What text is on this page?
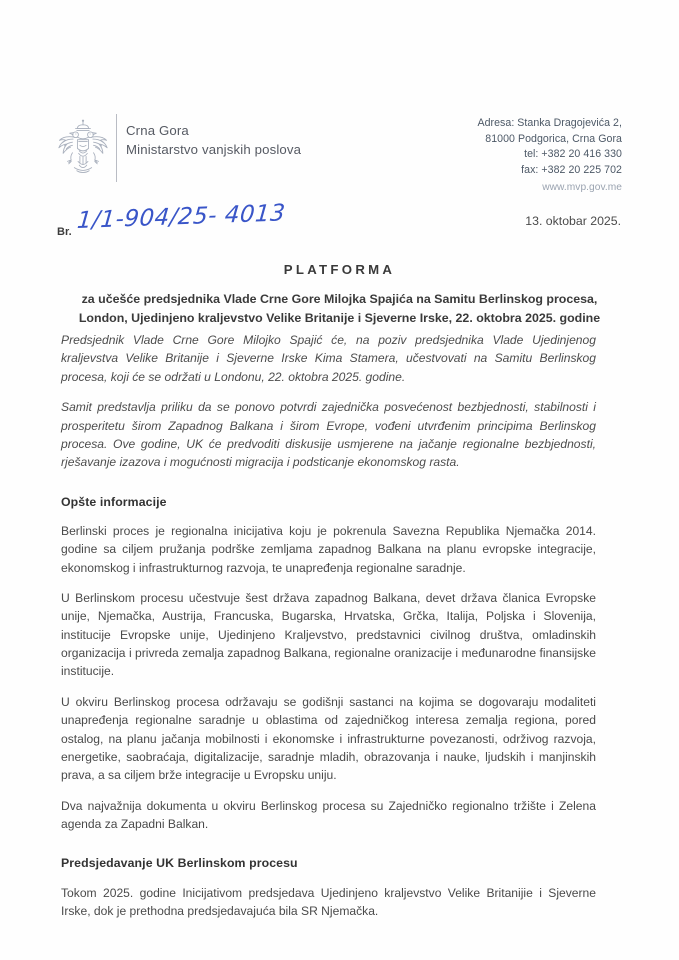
Crna Gora
Ministarstvo vanjskih poslova
Adresa: Stanka Dragojevića 2,
81000 Podgorica, Crna Gora
tel: +382 20 416 330
fax: +382 20 225 702
www.mvp.gov.me
Br. 1/1-904/25- 4013	13. oktobar 2025.
PLATFORMA

za učešće predsjednika Vlade Crne Gore Milojka Spajića na Samitu Berlinskog procesa,
London, Ujedinjeno kraljevstvo Velike Britanije i Sjeverne Irske, 22. oktobra 2025. godine

Predsjednik Vlade Crne Gore Milojko Spajić će, na poziv predsjednika Vlade Ujedinjenog kraljevstva Velike Britanije i Sjeverne Irske Kima Stamera, učestvovati na Samitu Berlinskog procesa, koji će se održati u Londonu, 22. oktobra 2025. godine.

Samit predstavlja priliku da se ponovo potvrdi zajednička posvećenost bezbjednosti, stabilnosti i prosperitetu širom Zapadnog Balkana i širom Evrope, vođeni utvrđenim principima Berlinskog procesa. Ove godine, UK će predvoditi diskusije usmjerene na jačanje regionalne bezbjednosti, rješavanje izazova i mogućnosti migracija i podsticanje ekonomskog rasta.

Opšte informacije

Berlinski proces je regionalna inicijativa koju je pokrenula Savezna Republika Njemačka 2014. godine sa ciljem pružanja podrške zemljama zapadnog Balkana na planu evropske integracije, ekonomskog i infrastrukturnog razvoja, te unapređenja regionalne saradnje.

U Berlinskom procesu učestvuje šest država zapadnog Balkana, devet država članica Evropske unije, Njemačka, Austrija, Francuska, Bugarska, Hrvatska, Grčka, Italija, Poljska i Slovenija, institucije Evropske unije, Ujedinjeno Kraljevstvo, predstavnici civilnog društva, omladinskih organizacija i privreda zemalja zapadnog Balkana, regionalne oranizacije i međunarodne finansijske institucije.

U okviru Berlinskog procesa održavaju se godišnji sastanci na kojima se dogovaraju modaliteti unapređenja regionalne saradnje u oblastima od zajedničkog interesa zemalja regiona, pored ostalog, na planu jačanja mobilnosti i ekonomske i infrastrukturne povezanosti, održivog razvoja, energetike, saobraćaja, digitalizacije, saradnje mladih, obrazovanja i nauke, ljudskih i manjinskih prava, a sa ciljem brže integracije u Evropsku uniju.

Dva najvažnija dokumenta u okviru Berlinskog procesa su Zajedničko regionalno tržište i Zelena agenda za Zapadni Balkan.

Predsjedavanje UK Berlinskom procesu

Tokom 2025. godine Inicijativom predsjedava Ujedinjeno kraljevstvo Velike Britanijie i Sjeverne Irske, dok je prethodna predsjedavajuća bila SR Njemačka.
